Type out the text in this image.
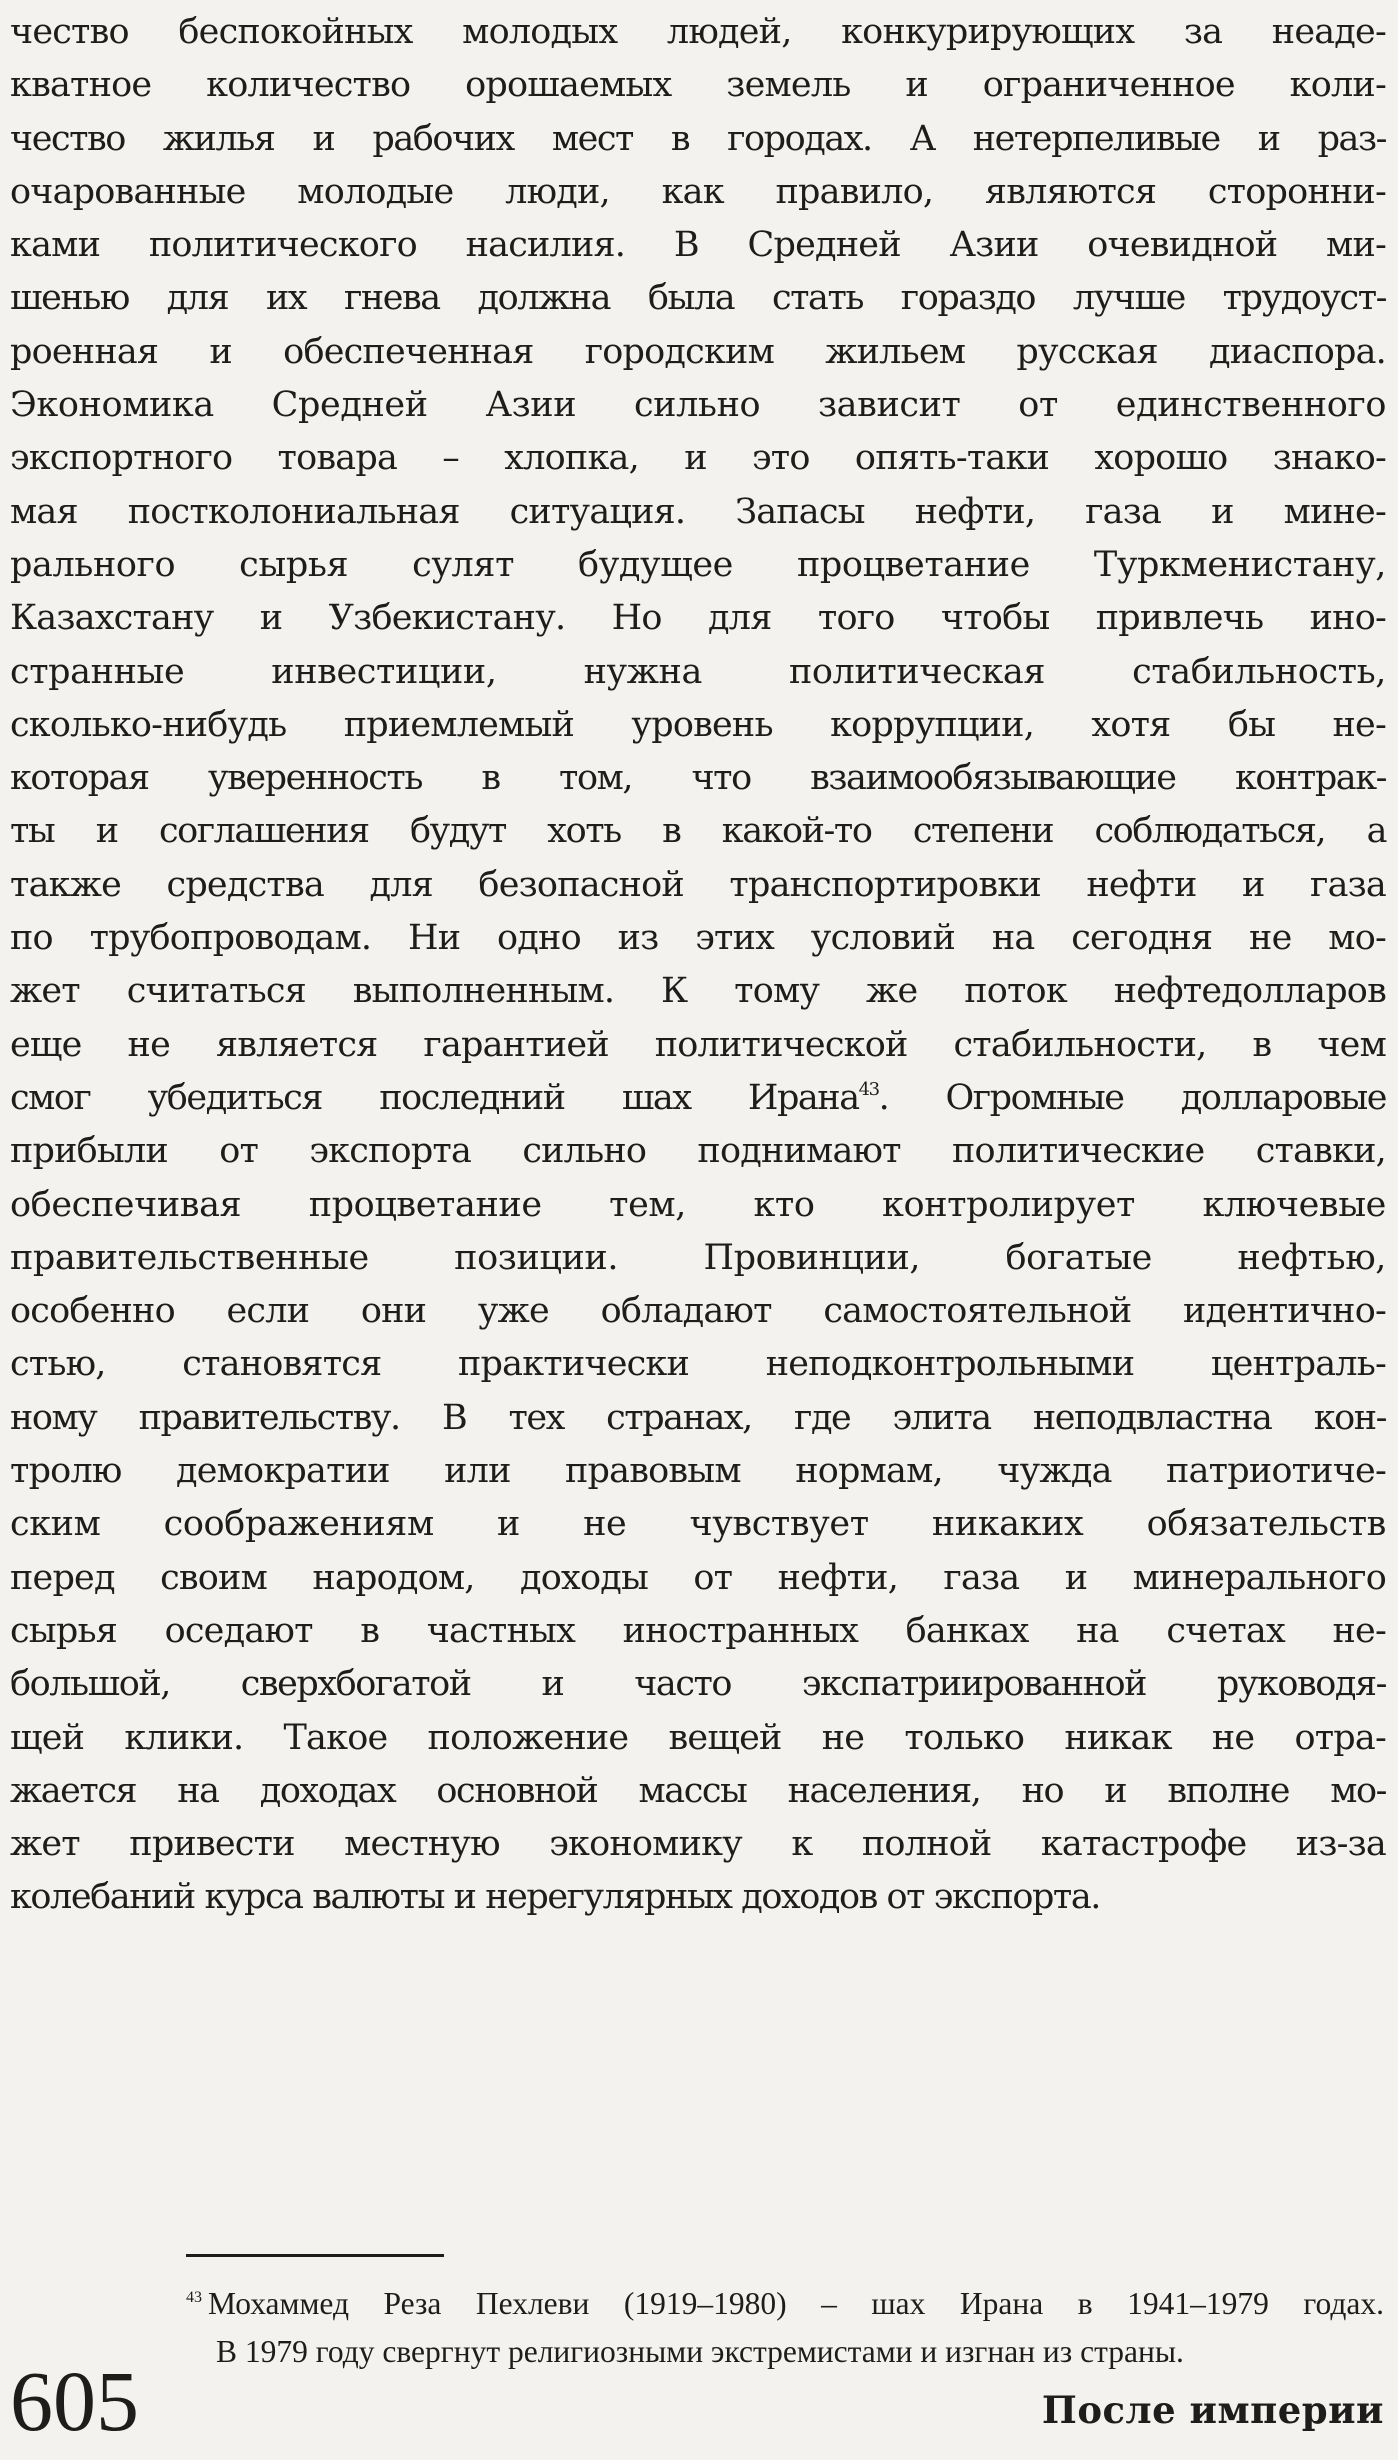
чество беспокойных молодых людей, конкурирующих за неаде-
кватное количество орошаемых земель и ограниченное коли-
чество жилья и рабочих мест в городах. А нетерпеливые и раз-
очарованные молодые люди, как правило, являются сторонни-
ками политического насилия. В Средней Азии очевидной ми-
шенью для их гнева должна была стать гораздо лучше трудоуст-
роенная и обеспеченная городским жильем русская диаспора.
Экономика Средней Азии сильно зависит от единственного
экспортного товара – хлопка, и это опять-таки хорошо знако-
мая постколониальная ситуация. Запасы нефти, газа и мине-
рального сырья сулят будущее процветание Туркменистану,
Казахстану и Узбекистану. Но для того чтобы привлечь ино-
странные инвестиции, нужна политическая стабильность,
сколько-нибудь приемлемый уровень коррупции, хотя бы не-
которая уверенность в том, что взаимообязывающие контрак-
ты и соглашения будут хоть в какой-то степени соблюдаться, а
также средства для безопасной транспортировки нефти и газа
по трубопроводам. Ни одно из этих условий на сегодня не мо-
жет считаться выполненным. К тому же поток нефтедолларов
еще не является гарантией политической стабильности, в чем
смог убедиться последний шах Ирана$^{43}$. Огромные долларовые
прибыли от экспорта сильно поднимают политические ставки,
обеспечивая процветание тем, кто контролирует ключевые
правительственные позиции. Провинции, богатые нефтью,
особенно если они уже обладают самостоятельной идентично-
стью, становятся практически неподконтрольными централь-
ному правительству. В тех странах, где элита неподвластна кон-
тролю демократии или правовым нормам, чужда патриотиче-
ским соображениям и не чувствует никаких обязательств
перед своим народом, доходы от нефти, газа и минерального
сырья оседают в частных иностранных банках на счетах не-
большой, сверхбогатой и часто экспатриированной руководя-
щей клики. Такое положение вещей не только никак не отра-
жается на доходах основной массы населения, но и вполне мо-
жет привести местную экономику к полной катастрофе из-за
колебаний курса валюты и нерегулярных доходов от экспорта.
$^{43}$ Мохаммед Реза Пехлеви (1919–1980) – шах Ирана в 1941–1979 годах.
В 1979 году свергнут религиозными экстремистами и изгнан из страны.
605	После империи
